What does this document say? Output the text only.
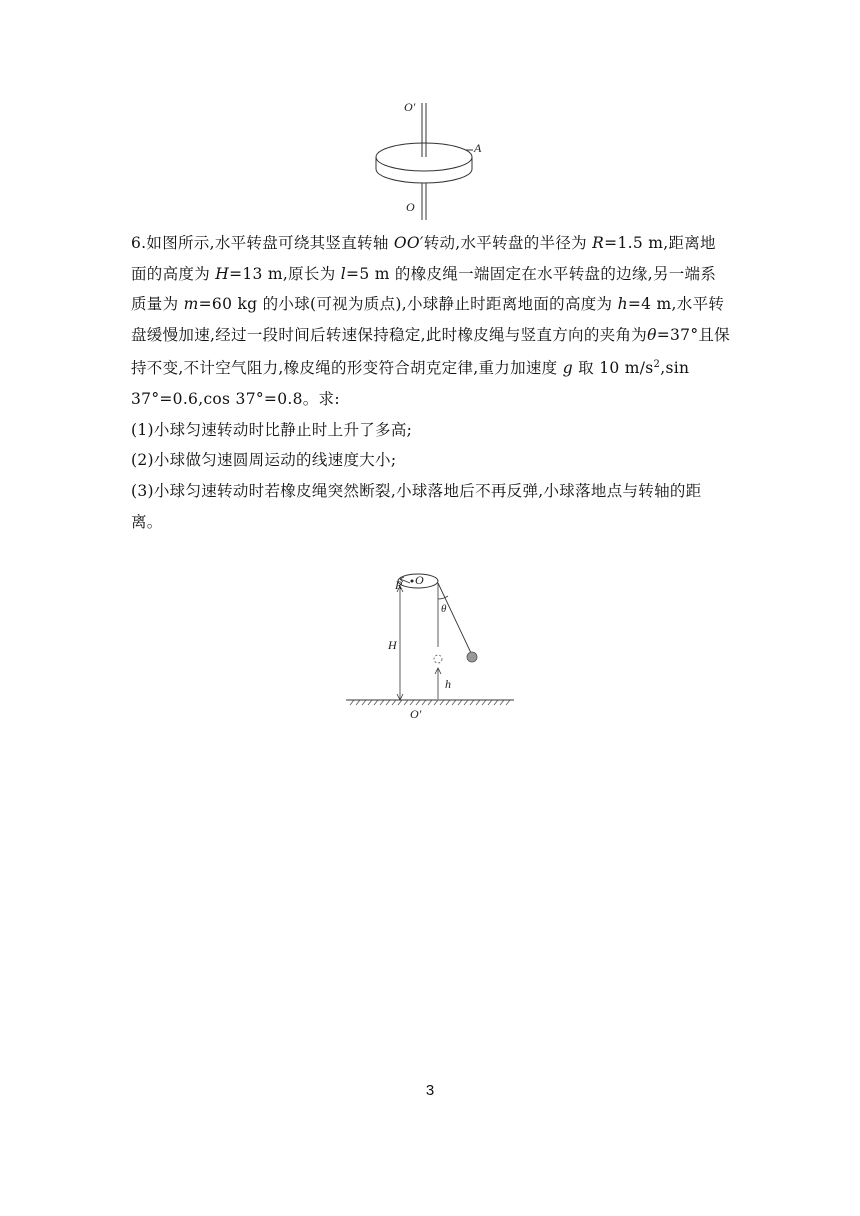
O′
O
A

6.如图所示,水平转盘可绕其竖直转轴 OO′转动,水平转盘的半径为 R=1.5 m,距离地面的高度为 H=13 m,原长为 l=5 m 的橡皮绳一端固定在水平转盘的边缘,另一端系质量为 m=60 kg 的小球(可视为质点),小球静止时距离地面的高度为 h=4 m,水平转盘缓慢加速,经过一段时间后转速保持稳定,此时橡皮绳与竖直方向的夹角为θ=37°且保持不变,不计空气阻力,橡皮绳的形变符合胡克定律,重力加速度 g 取 10 $m/s^2,\sin$ 37°=0.6,cos 37°=0.8。求:

(1)小球匀速转动时比静止时上升了多高;

(2)小球做匀速圆周运动的线速度大小;

(3)小球匀速转动时若橡皮绳突然断裂,小球落地后不再反弹,小球落地点与转轴的距离。

R O
θ
H
h
O′
3
